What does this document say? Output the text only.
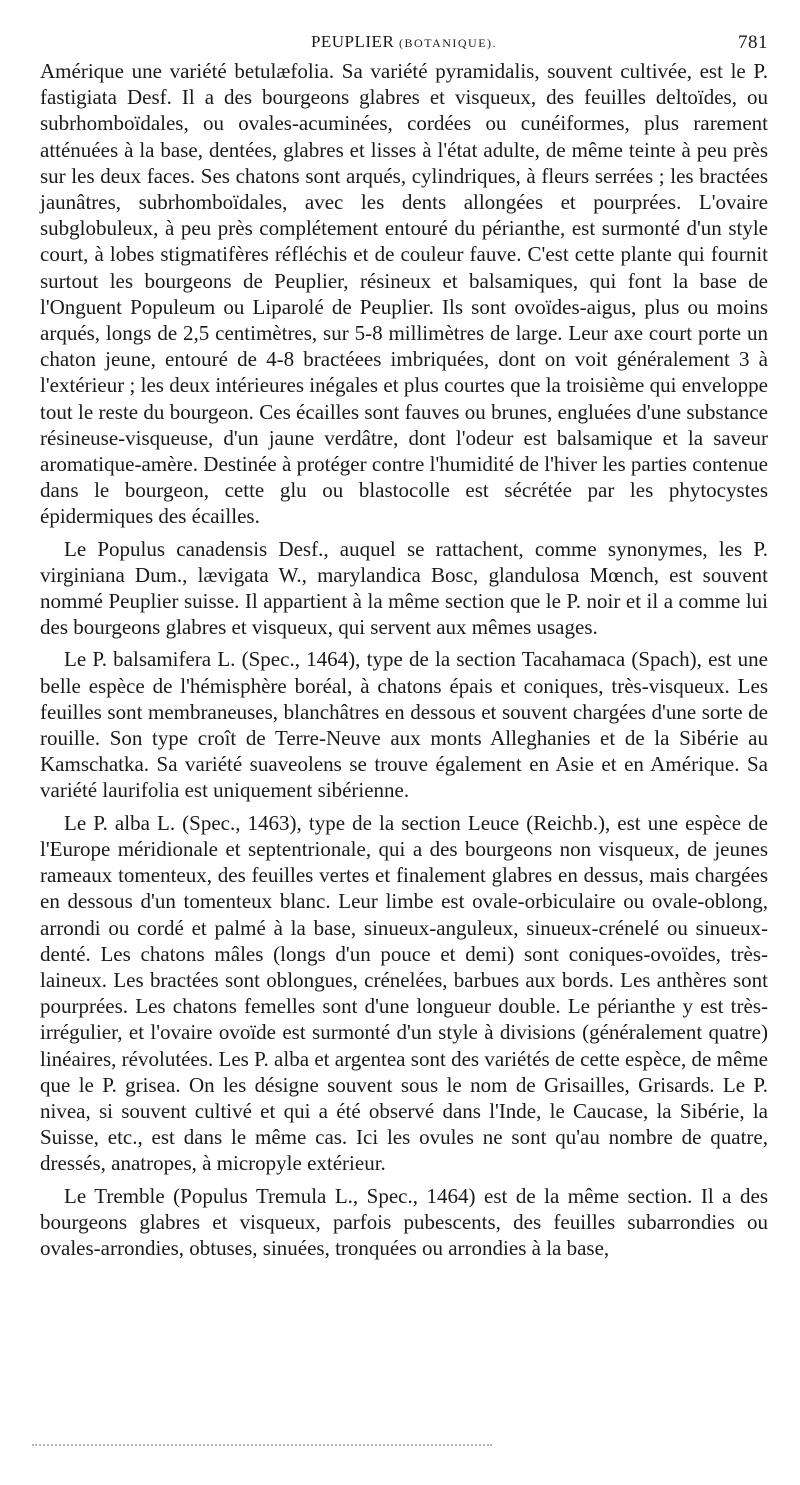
PEUPLIER (BOTANIQUE).	781

Amérique une variété betulæfolia. Sa variété pyramidalis, souvent cultivée, est le P. fastigiata Desf. Il a des bourgeons glabres et visqueux, des feuilles deltoïdes, ou subrhomboïdales, ou ovales-acuminées, cordées ou cunéiformes, plus rarement atténuées à la base, dentées, glabres et lisses à l'état adulte, de même teinte à peu près sur les deux faces. Ses chatons sont arqués, cylindriques, à fleurs serrées ; les bractées jaunâtres, subrhomboïdales, avec les dents allongées et pourprées. L'ovaire subglobuleux, à peu près complétement entouré du périanthe, est surmonté d'un style court, à lobes stigmatifères réfléchis et de couleur fauve. C'est cette plante qui fournit surtout les bourgeons de Peuplier, résineux et balsamiques, qui font la base de l'Onguent Populeum ou Liparolé de Peuplier. Ils sont ovoïdes-aigus, plus ou moins arqués, longs de 2,5 centimètres, sur 5-8 millimètres de large. Leur axe court porte un chaton jeune, entouré de 4-8 bractéees imbriquées, dont on voit généralement 3 à l'extérieur ; les deux intérieures inégales et plus courtes que la troisième qui enveloppe tout le reste du bourgeon. Ces écailles sont fauves ou brunes, engluées d'une substance résineuse-visqueuse, d'un jaune verdâtre, dont l'odeur est balsamique et la saveur aromatique-amère. Destinée à protéger contre l'humidité de l'hiver les parties contenue dans le bourgeon, cette glu ou blastocolle est sécrétée par les phytocystes épidermiques des écailles.

Le Populus canadensis Desf., auquel se rattachent, comme synonymes, les P. virginiana Dum., lævigata W., marylandica Bosc, glandulosa Mœnch, est souvent nommé Peuplier suisse. Il appartient à la même section que le P. noir et il a comme lui des bourgeons glabres et visqueux, qui servent aux mêmes usages.

Le P. balsamifera L. (Spec., 1464), type de la section Tacahamaca (Spach), est une belle espèce de l'hémisphère boréal, à chatons épais et coniques, très-visqueux. Les feuilles sont membraneuses, blanchâtres en dessous et souvent chargées d'une sorte de rouille. Son type croît de Terre-Neuve aux monts Alleghanies et de la Sibérie au Kamschatka. Sa variété suaveolens se trouve également en Asie et en Amérique. Sa variété laurifolia est uniquement sibérienne.

Le P. alba L. (Spec., 1463), type de la section Leuce (Reichb.), est une espèce de l'Europe méridionale et septentrionale, qui a des bourgeons non visqueux, de jeunes rameaux tomenteux, des feuilles vertes et finalement glabres en dessus, mais chargées en dessous d'un tomenteux blanc. Leur limbe est ovale-orbiculaire ou ovale-oblong, arrondi ou cordé et palmé à la base, sinueux-anguleux, sinueux-crénelé ou sinueux-denté. Les chatons mâles (longs d'un pouce et demi) sont coniques-ovoïdes, très-laineux. Les bractées sont oblongues, crénelées, barbues aux bords. Les anthères sont pourprées. Les chatons femelles sont d'une longueur double. Le périanthe y est très-irrégulier, et l'ovaire ovoïde est surmonté d'un style à divisions (généralement quatre) linéaires, révolutées. Les P. alba et argentea sont des variétés de cette espèce, de même que le P. grisea. On les désigne souvent sous le nom de Grisailles, Grisards. Le P. nivea, si souvent cultivé et qui a été observé dans l'Inde, le Caucase, la Sibérie, la Suisse, etc., est dans le même cas. Ici les ovules ne sont qu'au nombre de quatre, dressés, anatropes, à micropyle extérieur.

Le Tremble (Populus Tremula L., Spec., 1464) est de la même section. Il a des bourgeons glabres et visqueux, parfois pubescents, des feuilles subarrondies ou ovales-arrondies, obtuses, sinuées, tronquées ou arrondies à la base,
